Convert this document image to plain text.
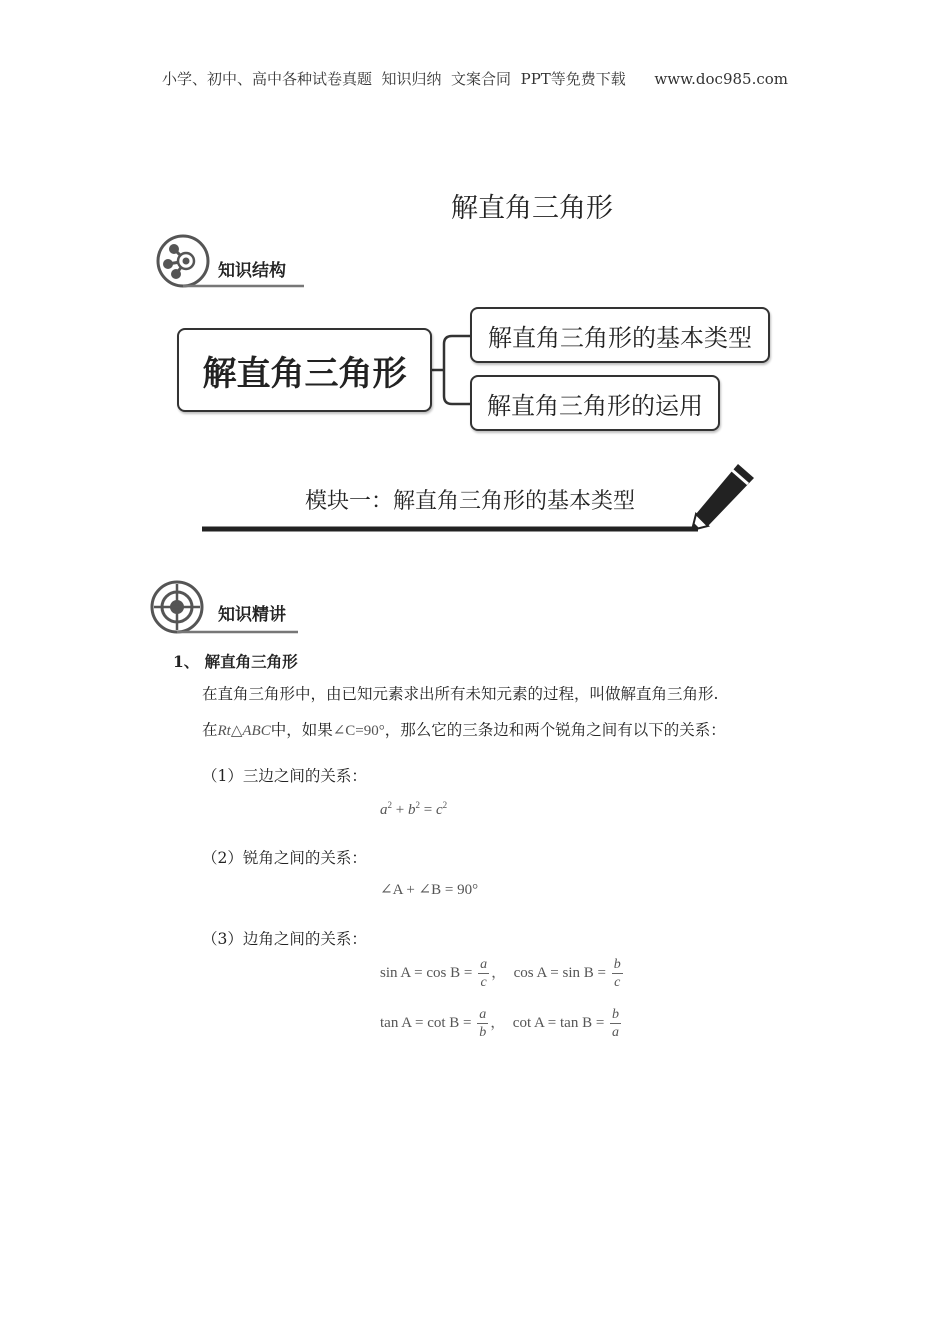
小学、初中、高中各种试卷真题  知识归纳  文案合同  PPT等免费下载 www.doc985.com
解直角三角形
知识结构
解直角三角形
解直角三角形的基本类型
解直角三角形的运用
模块一：解直角三角形的基本类型
知识精讲
1、 解直角三角形
在直角三角形中，由已知元素求出所有未知元素的过程，叫做解直角三角形.
在Rt△ABC中，如果∠C=90°，那么它的三条边和两个锐角之间有以下的关系：
（1）三边之间的关系：
$a^2 + b^2 = c^2$
（2）锐角之间的关系：
∠A + ∠B = 90°
（3）边角之间的关系：
$\sin A = \cos B = \frac{a}{c}$ ， $\cos A = \sin B = \frac{b}{c}$
$\tan A = \cot B = \frac{a}{b}$ ， $\cot A = \tan B = \frac{b}{a}$
